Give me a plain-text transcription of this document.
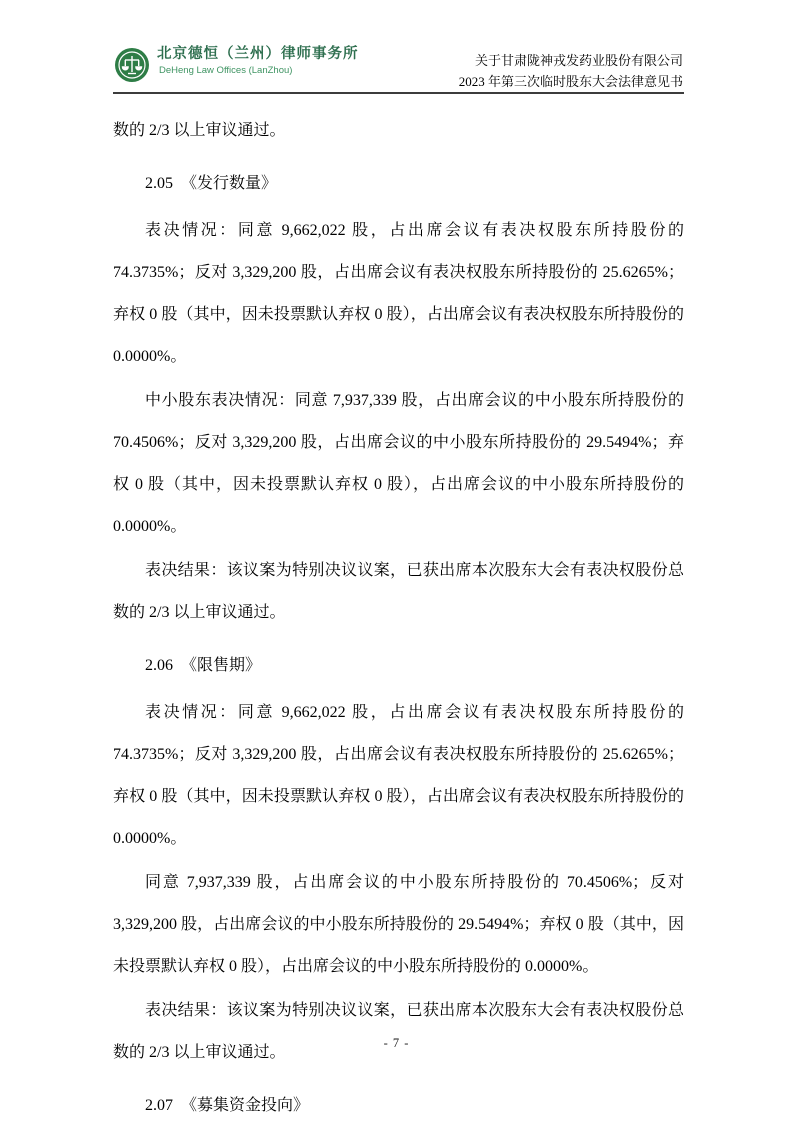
北京德恒（兰州）律师事务所
DeHeng Law Offices (LanZhou)
关于甘肃陇神戎发药业股份有限公司
2023 年第三次临时股东大会法律意见书

数的 2/3 以上审议通过。

2.05　《发行数量》

表决情况：同意 9,662,022 股，占出席会议有表决权股东所持股份的 74.3735%；反对 3,329,200 股，占出席会议有表决权股东所持股份的 25.6265%；弃权 0 股（其中，因未投票默认弃权 0 股），占出席会议有表决权股东所持股份的 0.0000%。

中小股东表决情况：同意 7,937,339 股，占出席会议的中小股东所持股份的 70.4506%；反对 3,329,200 股，占出席会议的中小股东所持股份的 29.5494%；弃权 0 股（其中，因未投票默认弃权 0 股），占出席会议的中小股东所持股份的 0.0000%。

表决结果：该议案为特别决议议案，已获出席本次股东大会有表决权股份总数的 2/3 以上审议通过。

2.06　《限售期》

表决情况：同意 9,662,022 股，占出席会议有表决权股东所持股份的 74.3735%；反对 3,329,200 股，占出席会议有表决权股东所持股份的 25.6265%；弃权 0 股（其中，因未投票默认弃权 0 股），占出席会议有表决权股东所持股份的 0.0000%。

同意 7,937,339 股，占出席会议的中小股东所持股份的 70.4506%；反对 3,329,200 股，占出席会议的中小股东所持股份的 29.5494%；弃权 0 股（其中，因未投票默认弃权 0 股），占出席会议的中小股东所持股份的 0.0000%。

表决结果：该议案为特别决议议案，已获出席本次股东大会有表决权股份总数的 2/3 以上审议通过。

2.07　《募集资金投向》

- 7 -
